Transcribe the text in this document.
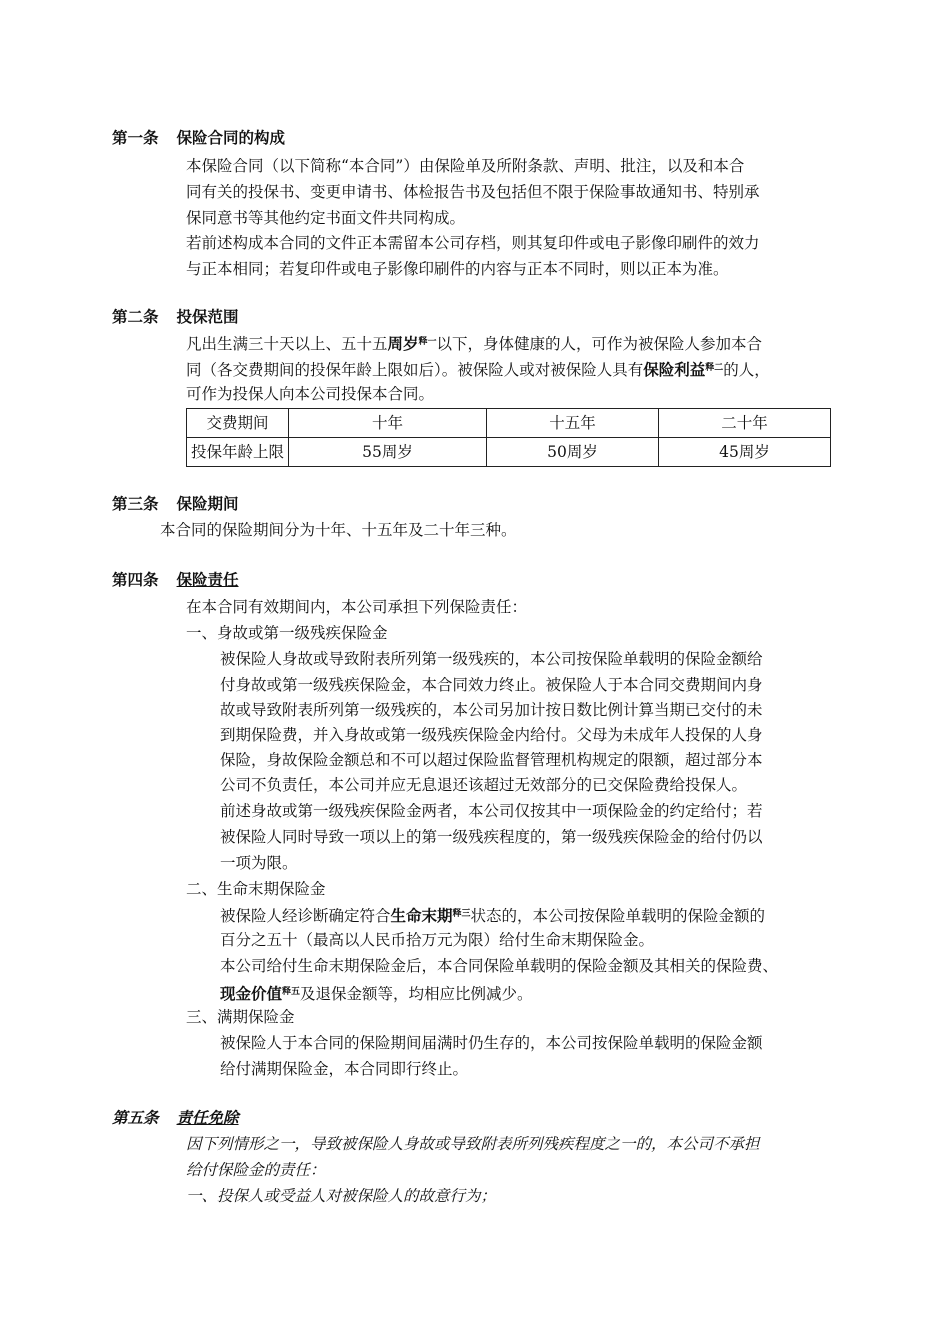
第一条 保险合同的构成
本保险合同（以下简称“本合同”）由保险单及所附条款、声明、批注，以及和本合
同有关的投保书、变更申请书、体检报告书及包括但不限于保险事故通知书、特别承
保同意书等其他约定书面文件共同构成。
若前述构成本合同的文件正本需留本公司存档，则其复印件或电子影像印刷件的效力
与正本相同；若复印件或电子影像印刷件的内容与正本不同时，则以正本为准。
第二条 投保范围
凡出生满三十天以上、五十五周岁$^{释一}$以下，身体健康的人，可作为被保险人参加本合
同（各交费期间的投保年龄上限如后）。被保险人或对被保险人具有保险利益$^{释二}$的人，
可作为投保人向本公司投保本合同。
交费期间	十年	十五年	二十年
投保年龄上限	55周岁	50周岁	45周岁
第三条 保险期间
本合同的保险期间分为十年、十五年及二十年三种。
第四条 保险责任
在本合同有效期间内，本公司承担下列保险责任：
一、身故或第一级残疾保险金
被保险人身故或导致附表所列第一级残疾的，本公司按保险单载明的保险金额给
付身故或第一级残疾保险金，本合同效力终止。被保险人于本合同交费期间内身
故或导致附表所列第一级残疾的，本公司另加计按日数比例计算当期已交付的未
到期保险费，并入身故或第一级残疾保险金内给付。父母为未成年人投保的人身
保险，身故保险金额总和不可以超过保险监督管理机构规定的限额，超过部分本
公司不负责任，本公司并应无息退还该超过无效部分的已交保险费给投保人。
前述身故或第一级残疾保险金两者，本公司仅按其中一项保险金的约定给付；若
被保险人同时导致一项以上的第一级残疾程度的，第一级残疾保险金的给付仍以
一项为限。
二、生命末期保险金
被保险人经诊断确定符合生命末期$^{释三}$状态的，本公司按保险单载明的保险金额的
百分之五十（最高以人民币拾万元为限）给付生命末期保险金。
本公司给付生命末期保险金后，本合同保险单载明的保险金额及其相关的保险费、
现金价值$^{释五}$及退保金额等，均相应比例减少。
三、满期保险金
被保险人于本合同的保险期间届满时仍生存的，本公司按保险单载明的保险金额
给付满期保险金，本合同即行终止。
第五条 责任免除
因下列情形之一，导致被保险人身故或导致附表所列残疾程度之一的，本公司不承担
给付保险金的责任：
一、投保人或受益人对被保险人的故意行为；
